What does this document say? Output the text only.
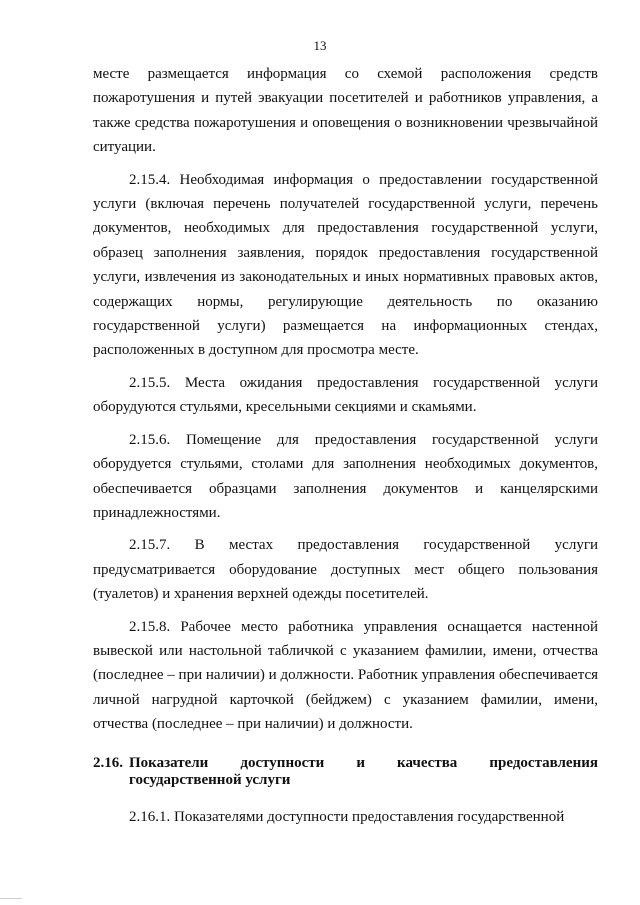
13

месте размещается информация со схемой расположения средств пожаротушения и путей эвакуации посетителей и работников управления, а также средства пожаротушения и оповещения о возникновении чрезвычайной ситуации.

2.15.4. Необходимая информация о предоставлении государственной услуги (включая перечень получателей государственной услуги, перечень документов, необходимых для предоставления государственной услуги, образец заполнения заявления, порядок предоставления государственной услуги, извлечения из законодательных и иных нормативных правовых актов, содержащих нормы, регулирующие деятельность по оказанию государственной услуги) размещается на информационных стендах, расположенных в доступном для просмотра месте.

2.15.5. Места ожидания предоставления государственной услуги оборудуются стульями, кресельными секциями и скамьями.

2.15.6. Помещение для предоставления государственной услуги оборудуется стульями, столами для заполнения необходимых документов, обеспечивается образцами заполнения документов и канцелярскими принадлежностями.

2.15.7. В местах предоставления государственной услуги предусматривается оборудование доступных мест общего пользования (туалетов) и хранения верхней одежды посетителей.

2.15.8. Рабочее место работника управления оснащается настенной вывеской или настольной табличкой с указанием фамилии, имени, отчества (последнее – при наличии) и должности. Работник управления обеспечивается личной нагрудной карточкой (бейджем) с указанием фамилии, имени, отчества (последнее – при наличии) и должности.

2.16. Показатели доступности и качества предоставления государственной услуги

2.16.1. Показателями доступности предоставления государственной
